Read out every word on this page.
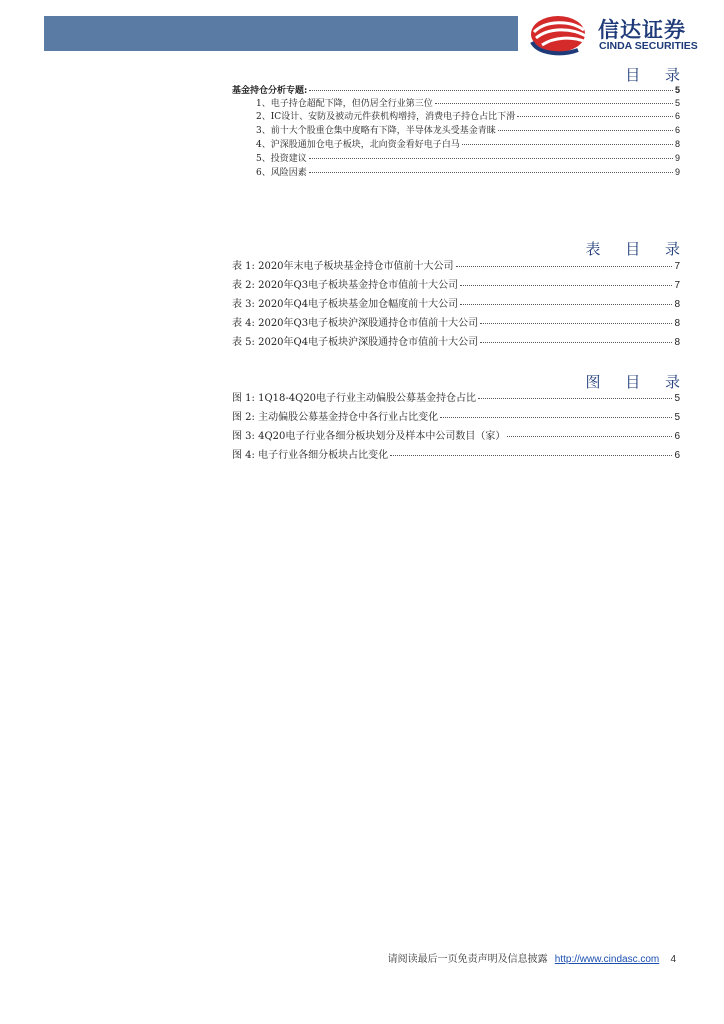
信达证券
CINDA SECURITIES
目 录
基金持仓分析专题:	5
1、电子持仓超配下降，但仍居全行业第三位	5
2、IC设计、安防及被动元件获机构增持，消费电子持仓占比下滑	6
3、前十大个股重仓集中度略有下降，半导体龙头受基金青睐	6
4、沪深股通加仓电子板块，北向资金看好电子白马	8
5、投资建议	9
6、风险因素	9
表 目 录
表 1: 2020年末电子板块基金持仓市值前十大公司	7
表 2: 2020年Q3电子板块基金持仓市值前十大公司	7
表 3: 2020年Q4电子板块基金加仓幅度前十大公司	8
表 4: 2020年Q3电子板块沪深股通持仓市值前十大公司	8
表 5: 2020年Q4电子板块沪深股通持仓市值前十大公司	8
图 目 录
图 1: 1Q18-4Q20电子行业主动偏股公募基金持仓占比	5
图 2: 主动偏股公募基金持仓中各行业占比变化	5
图 3: 4Q20电子行业各细分板块划分及样本中公司数目（家）	6
图 4: 电子行业各细分板块占比变化	6
请阅读最后一页免责声明及信息披露 http://www.cindasc.com 4
